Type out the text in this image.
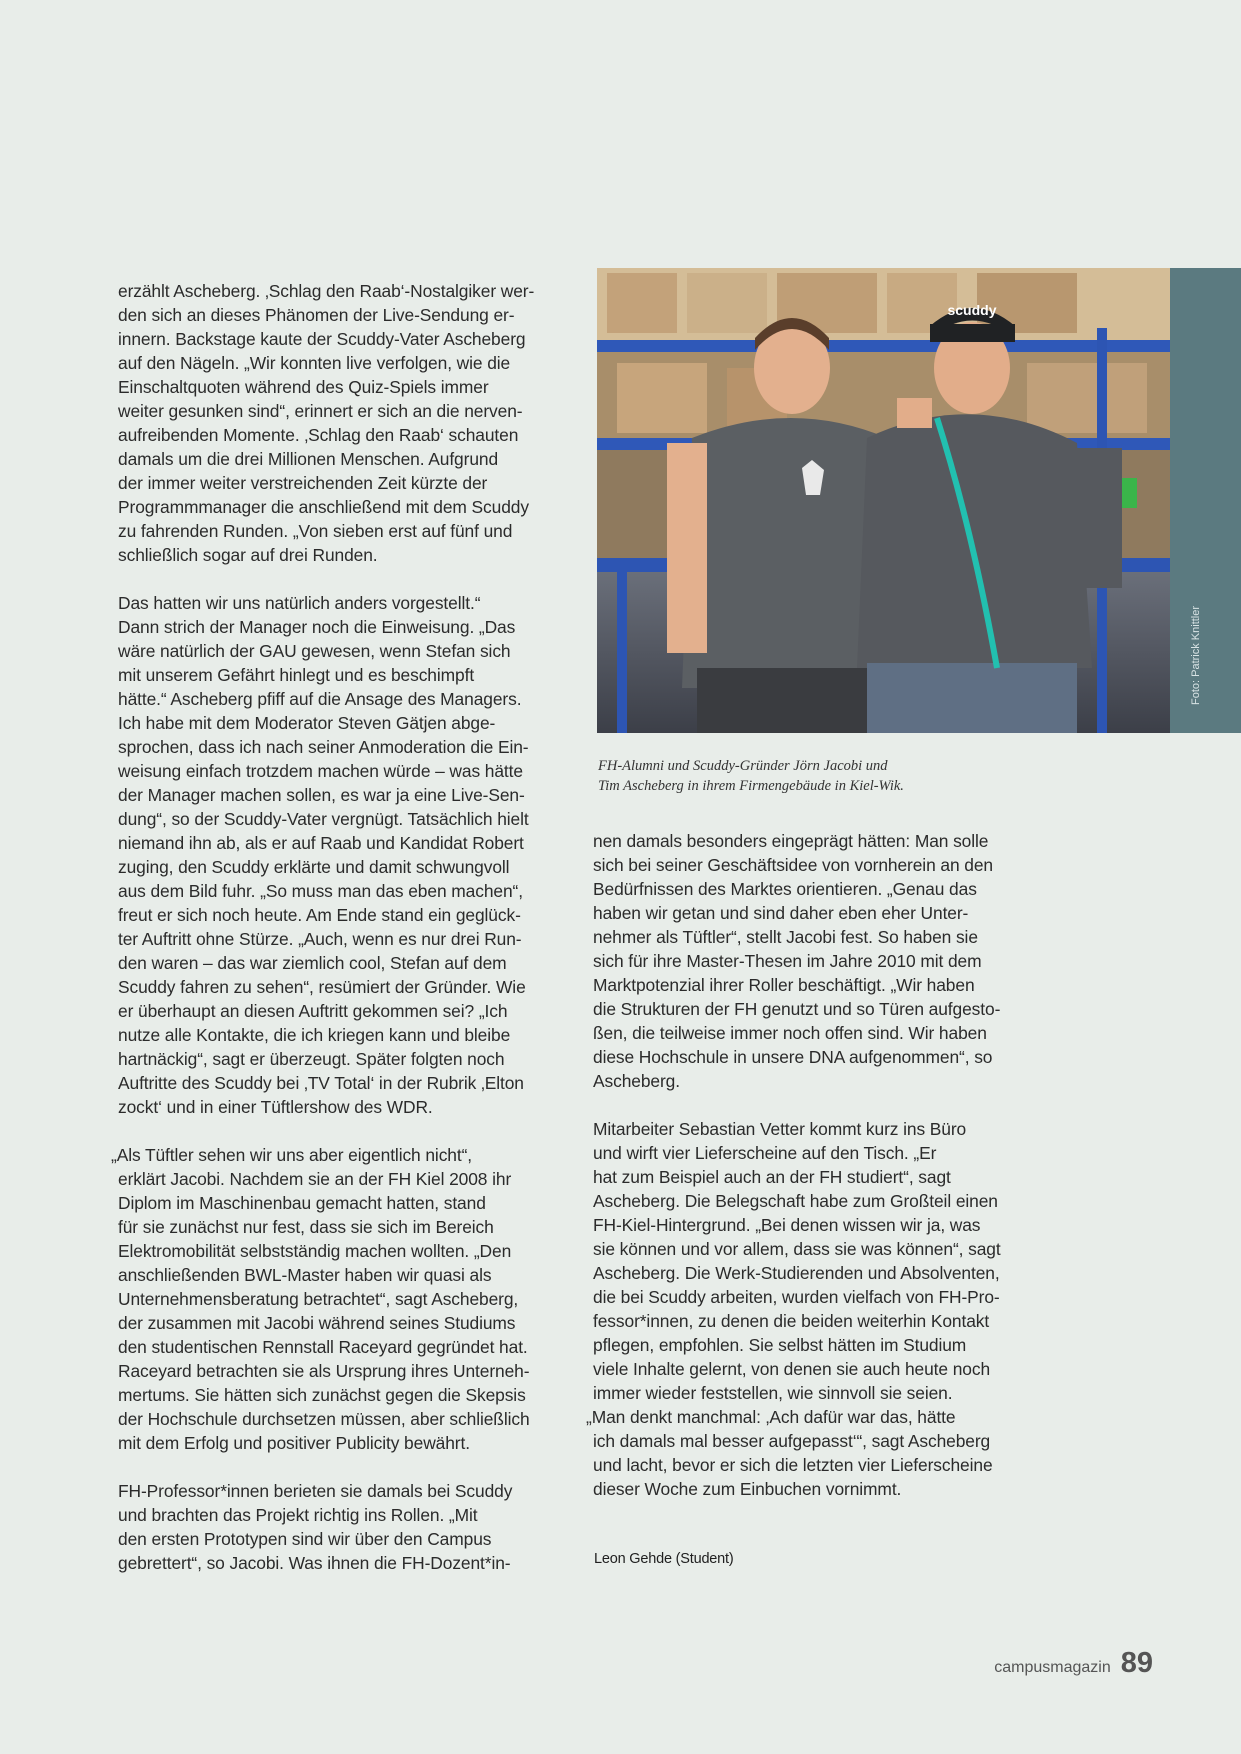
erzählt Ascheberg. ‚Schlag den Raab‘-Nostalgiker wer-
den sich an dieses Phänomen der Live-Sendung er-
innern. Backstage kaute der Scuddy-Vater Ascheberg
auf den Nägeln. „Wir konnten live verfolgen, wie die
Einschaltquoten während des Quiz-Spiels immer
weiter gesunken sind“, erinnert er sich an die nerven-
aufreibenden Momente. ‚Schlag den Raab‘ schauten
damals um die drei Millionen Menschen. Aufgrund
der immer weiter verstreichenden Zeit kürzte der
Programmmanager die anschließend mit dem Scuddy
zu fahrenden Runden. „Von sieben erst auf fünf und
schließlich sogar auf drei Runden.

Das hatten wir uns natürlich anders vorgestellt.“
Dann strich der Manager noch die Einweisung. „Das
wäre natürlich der GAU gewesen, wenn Stefan sich
mit unserem Gefährt hinlegt und es beschimpft
hätte.“ Ascheberg pfiff auf die Ansage des Managers.
Ich habe mit dem Moderator Steven Gätjen abge-
sprochen, dass ich nach seiner Anmoderation die Ein-
weisung einfach trotzdem machen würde – was hätte
der Manager machen sollen, es war ja eine Live-Sen-
dung“, so der Scuddy-Vater vergnügt. Tatsächlich hielt
niemand ihn ab, als er auf Raab und Kandidat Robert
zuging, den Scuddy erklärte und damit schwungvoll
aus dem Bild fuhr. „So muss man das eben machen“,
freut er sich noch heute. Am Ende stand ein geglück-
ter Auftritt ohne Stürze. „Auch, wenn es nur drei Run-
den waren – das war ziemlich cool, Stefan auf dem
Scuddy fahren zu sehen“, resümiert der Gründer. Wie
er überhaupt an diesen Auftritt gekommen sei? „Ich
nutze alle Kontakte, die ich kriegen kann und bleibe
hartnäckig“, sagt er überzeugt. Später folgten noch
Auftritte des Scuddy bei ‚TV Total‘ in der Rubrik ‚Elton
zockt‘ und in einer Tüftlershow des WDR.

„Als Tüftler sehen wir uns aber eigentlich nicht“,
erklärt Jacobi. Nachdem sie an der FH Kiel 2008 ihr
Diplom im Maschinenbau gemacht hatten, stand
für sie zunächst nur fest, dass sie sich im Bereich
Elektromobilität selbstständig machen wollten. „Den
anschließenden BWL-Master haben wir quasi als
Unternehmensberatung betrachtet“, sagt Ascheberg,
der zusammen mit Jacobi während seines Studiums
den studentischen Rennstall Raceyard gegründet hat.
Raceyard betrachten sie als Ursprung ihres Unterneh-
mertums. Sie hätten sich zunächst gegen die Skepsis
der Hochschule durchsetzen müssen, aber schließlich
mit dem Erfolg und positiver Publicity bewährt.

FH-Professor*innen berieten sie damals bei Scuddy
und brachten das Projekt richtig ins Rollen. „Mit
den ersten Prototypen sind wir über den Campus
gebrettert“, so Jacobi. Was ihnen die FH-Dozent*in-

scuddy
Foto: Patrick Knittler
FH-Alumni und Scuddy-Gründer Jörn Jacobi und
Tim Ascheberg in ihrem Firmengebäude in Kiel-Wik.

nen damals besonders eingeprägt hätten: Man solle
sich bei seiner Geschäftsidee von vornherein an den
Bedürfnissen des Marktes orientieren. „Genau das
haben wir getan und sind daher eben eher Unter-
nehmer als Tüftler“, stellt Jacobi fest. So haben sie
sich für ihre Master-Thesen im Jahre 2010 mit dem
Marktpotenzial ihrer Roller beschäftigt. „Wir haben
die Strukturen der FH genutzt und so Türen aufgesto-
ßen, die teilweise immer noch offen sind. Wir haben
diese Hochschule in unsere DNA aufgenommen“, so
Ascheberg.

Mitarbeiter Sebastian Vetter kommt kurz ins Büro
und wirft vier Lieferscheine auf den Tisch. „Er
hat zum Beispiel auch an der FH studiert“, sagt
Ascheberg. Die Belegschaft habe zum Großteil einen
FH-Kiel-Hintergrund. „Bei denen wissen wir ja, was
sie können und vor allem, dass sie was können“, sagt
Ascheberg. Die Werk-Studierenden und Absolventen,
die bei Scuddy arbeiten, wurden vielfach von FH-Pro-
fessor*innen, zu denen die beiden weiterhin Kontakt
pflegen, empfohlen. Sie selbst hätten im Studium
viele Inhalte gelernt, von denen sie auch heute noch
immer wieder feststellen, wie sinnvoll sie seien.
„Man denkt manchmal: ‚Ach dafür war das, hätte
ich damals mal besser aufgepasst‘“, sagt Ascheberg
und lacht, bevor er sich die letzten vier Lieferscheine
dieser Woche zum Einbuchen vornimmt.

Leon Gehde (Student)
campusmagazin 89
